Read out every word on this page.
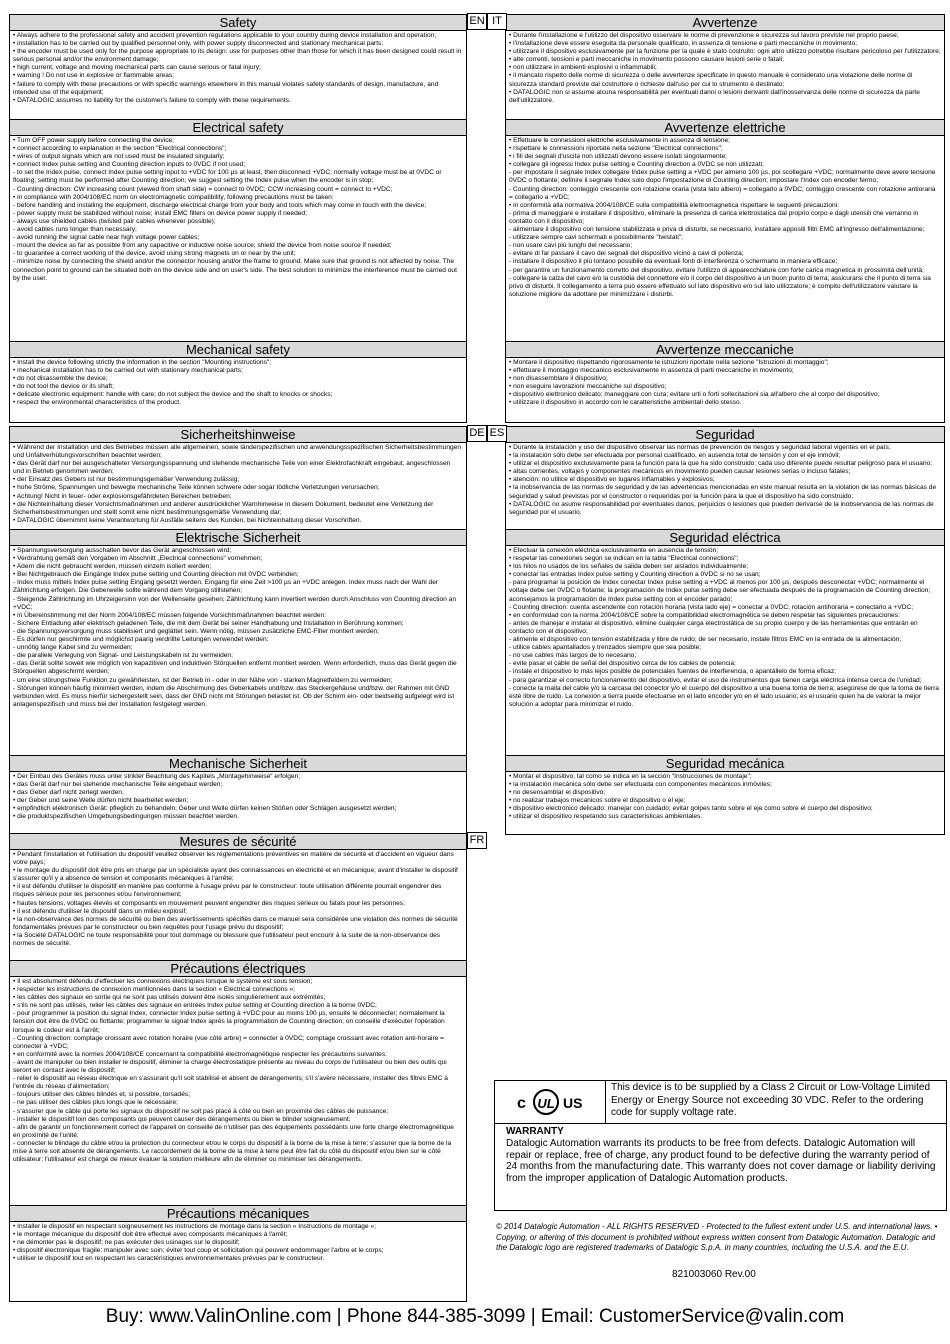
Safety

• Always adhere to the professional safety and accident prevention regulations applicable to your country during device installation and operation;

• installation has to be carried out by qualified personnel only, with power supply disconnected and stationary mechanical parts;

• the encoder must be used only for the purpose appropriate to its design: use for purposes other than those for which it has been designed could result in serious personal and/or the environment damage;

• high current, voltage and moving mechanical parts can cause serious or fatal injury;

• warning ! Do not use in explosive or flammable areas;

• failure to comply with these precautions or with specific warnings elsewhere in this manual violates safety standards of design, manufacture, and intended use of the equipment;

• DATALOGIC assumes no liability for the customer's failure to comply with these requirements.

Electrical safety

• Turn OFF power supply before connecting the device;

• connect according to explanation in the section "Electrical connections";

• wires of output signals which are not used must be insulated singularly;

• connect Index pulse setting and Counting direction inputs to 0VDC if not used;

- to set the Index pulse, connect Index pulse setting input to +VDC for 100 µs at least, then disconnect +VDC; normally voltage must be at 0VDC or floating; setting must be performed after Counting direction; we suggest setting the Index pulse when the encoder is in stop;

- Counting direction: CW increasing count (viewed from shaft side) = connect to 0VDC; CCW increasing count = connect to +VDC;

• in compliance with 2004/108/EC norm on electromagnetic compatibility, following precautions must be taken:

- before handling and installing the equipment, discharge electrical charge from your body and tools which may come in touch with the device;

- power supply must be stabilized without noise; install EMC filters on device power supply if needed;

- always use shielded cables (twisted pair cables whenever possible);

- avoid cables runs longer than necessary;

- avoid running the signal cable near high voltage power cables;

- mount the device as far as possible from any capacitive or inductive noise source; shield the device from noise source if needed;

- to guarantee a correct working of the device, avoid using strong magnets on or near by the unit;

- minimize noise by connecting the shield and/or the connector housing and/or the frame to ground. Make sure that ground is not affected by noise. The connection point to ground can be situated both on the device side and on user's side. The best solution to minimize the interference must be carried out by the user.

Mechanical safety

• Install the device following strictly the information in the section "Mounting instructions";

• mechanical installation has to be carried out with stationary mechanical parts;

• do not disassemble the device;

• do not tool the device or its shaft;

• delicate electronic equipment: handle with care; do not subject the device and the shaft to knocks or shocks;

• respect the environmental characteristics of the product.

EN	Avvertenze

• Durante l'installazione e l'utilizzo del dispositivo osservare le norme di prevenzione e sicurezza sul lavoro previste nel proprio paese;

• l'installazione deve essere eseguita da personale qualificato, in assenza di tensione e parti meccaniche in movimento;

• utilizzare il dispositivo esclusivamente per la funzione per la quale è stato costruito: ogni altro utilizzo potrebbe risultare pericoloso per l'utilizzatore;

• alte correnti, tensioni e parti meccaniche in movimento possono causare lesioni serie o fatali;

• non utilizzare in ambienti esplosivi o infiammabili;

• il mancato rispetto delle norme di sicurezza o delle avvertenze specificate in questo manuale è considerato una violazione delle norme di sicurezza standard previste dal costruttore o richieste dall'uso per cui lo strumento è destinato;

• DATALOGIC non si assume alcuna responsabilità per eventuali danni o lesioni derivanti dall'inosservanza delle norme di sicurezza da parte dell'utilizzatore.

Avvertenze elettriche

• Effettuare le connessioni elettriche esclusivamente in assenza di tensione;

• rispettare le connessioni riportate nella sezione "Electrical connections";

• i fili dei segnali d'uscita non utilizzati devono essere isolati singolarmente;

• collegare gli ingressi Index pulse setting e Counting direction a 0VDC se non utilizzati;

- per impostare il segnale Index collegare Index pulse setting a +VDC per almeno 100 µs, poi scollegare +VDC; normalmente deve avere tensione 0VDC o flottante; definire il segnale Index solo dopo l'impostazione di Counting direction; impostare l'Index con encoder fermo;

- Counting direction: conteggio crescente con rotazione oraria (vista lato albero) = collegarlo a 0VDC; conteggio crescente con rotazione antioraria = collegarlo a +VDC;

• in conformità alla normativa 2004/108/CE sulla compatibilità elettromagnetica rispettare le seguenti precauzioni:

- prima di maneggiare e installare il dispositivo, eliminare la presenza di carica elettrostatica dal proprio corpo e dagli utensili che verranno in contatto con il dispositivo;

- alimentare il dispositivo con tensione stabilizzata e priva di disturbi, se necessario, installare appositi filtri EMC all'ingresso dell'alimentazione;

- utilizzare sempre cavi schermati e possibilmente "twistati";

- non usare cavi più lunghi del necessario;

- evitare di far passare il cavo dei segnali del dispositivo vicino a cavi di potenza;

- installare il dispositivo il più lontano possibile da eventuali fonti di interferenza o schermarlo in maniera efficace;

- per garantire un funzionamento corretto del dispositivo, evitare l'utilizzo di apparecchiature con forte carica magnetica in prossimità dell'unità;

- collegare la calza del cavo e/o la custodia del connettore e/o il corpo del dispositivo a un buon punto di terra; assicurarsi che il punto di terra sia privo di disturbi. Il collegamento a terra può essere effettuato sul lato dispositivo e/o sul lato utilizzatore; è compito dell'utilizzatore valutare la soluzione migliore da adottare per minimizzare i disturbi.

Avvertenze meccaniche

• Montare il dispositivo rispettando rigorosamente le istruzioni riportate nella sezione "Istruzioni di montaggio";

• effettuare il montaggio meccanico esclusivamente in assenza di parti meccaniche in movimento;

• non disassemblare il dispositivo;

• non eseguire lavorazioni meccaniche sul dispositivo;

• dispositivo elettronico delicato: maneggiare con cura; evitare urti o forti sollecitazioni sia all'albero che al corpo del dispositivo;

• utilizzare il dispositivo in accordo con le caratteristiche ambientali dello stesso.

IT
Sicherheitshinweise

• Während der Installation und des Betriebes müssen alle allgemeinen, sowie länderspezifischen und anwendungsspezifischen Sicherheitsbestimmungen und Unfallverhütungsvorschriften beachtet werden;

• das Gerät darf nur bei ausgeschalteter Versorgungsspannung und stehende mechanische Teile von einer Elektrofachkraft eingebaut, angeschlossen und in Betrieb genommen werden;

• der Einsatz des Gebers ist nur bestimmungsgemäßer Verwendung zulässig;

• hohe Ströme, Spannungen und bewegte mechanische Teile können schwere oder sogar tödliche Verletzungen verursachen;

• Achtung! Nicht in feuer- oder explosionsgefährdeten Bereichen betreiben;

• die Nichteinhaltung dieser Vorsichtsmaßnahmen und anderer ausdrücklicher Warnhinweise in diesem Dokument, bedeutet eine Verletzung der Sicherheitsbestimmungen und stellt somit eine nicht bestimmungsgemäße Verwendung dar;

• DATALOGIC übernimmt keine Verantwortung für Ausfälle seitens des Kunden, bei Nichteinhaltung dieser Vorschriften.

Elektrische Sicherheit

• Spannungsversorgung ausschalten bevor das Gerät angeschlossen wird;

• Verdrahtung gemäß den Vorgaben im Abschnitt „Electrical connections“ vornehmen;

• Adern die nicht gebraucht werden, müssen einzeln isoliert werden;

• Bei Nichtgebrauch die Eingänge Index pulse setting und Counting direction mit 0VDC verbinden;

- Index muss mittels Index pulse setting Eingang gesetzt werden. Eingang für eine Zeit >100 µs an +VDC anlegen. Index muss nach der Wahl der Zählrichtung erfolgen. Die Geberwelle sollte während dem Vorgang stillstehen;

- Steigende Zählrichtung im Uhrzeigersinn von der Wellenseite gesehen; Zählrichtung kann invertiert werden durch Anschluss von Counting direction an +VDC;

• in Übereinstimmung mit der Norm 2004/108/EC müssen folgende Vorsichtsmaßnahmen beachtet werden:

- Sichere Entladung aller elektrisch geladenen Teile, die mit dem Gerät bei seiner Handhabung und Installation in Berührung kommen;

- die Spannungsversorgung muss stabilisiert und geglättet sein. Wenn nötig, müssen zusätzliche EMC-Filter montiert werden;

- Es dürfen nur geschirmte und möglichst paarig verdrillte Leitungen verwendet werden;

- unnötig lange Kabel sind zu vermeiden;

- die parallele Verlegung von Signal- und Leistungskabeln ist zu vermeiden;

- das Gerät sollte soweit wie möglich von kapazitiven und induktiven Störquellen entfernt montiert werden. Wenn erforderlich, muss das Gerät gegen die Störquellen abgeschirmt werden;

- um eine störungsfreie Funktion zu gewährleisten, ist der Betrieb in - oder in der Nähe von - starken Magnetfeldern zu vermeiden;

- Störungen können häufig minimiert werden, indem die Abschirmung des Geberkabels und/bzw. das Steckergehäuse und/bzw. der Rahmen mit GND verbunden wird. Es muss hierfür sichergestellt sein, dass der GND nicht mit Störungen belastet ist. Ob der Schirm ein- oder beidseitig aufgelegt wird ist anlagenspezifisch und muss bei der Installation festgelegt werden.

Mechanische Sicherheit

• Der Einbau des Gerätes muss unter strikter Beachtung des Kapitels „Montagehinweise“ erfolgen;

• das Gerät darf nur bei stehende mechanische Teile eingebaut werden;

• das Geber darf nicht zerlegt werden;

• der Geber und seine Welle dürfen nicht bearbeitet werden;

• empfindlich elektronisch Gerät: pfleglich zu behandeln; Geber und Welle dürfen keinen Stößen oder Schlägen ausgesetzt werden;

• die produktspezifischen Umgebungsbedingungen müssen beachtet werden.

DE	Seguridad

• Durante la instalación y uso del dispositivo observar las normas de prevención de riesgos y seguridad laboral vigentes en el país;

• la instalación sólo debe ser efectuada por personal cualificado, en ausencia total de tensión y con el eje inmóvil;

• utilizar el dispositivo exclusivamente para la función para la que ha sido construido: cada uso diferente puede resultar peligroso para el usuario;

• altas corrientes, voltajes y componentes mecánicos en movimiento pueden causar lesiones serias o incluso fatales;

• atención: no utilice el dispositivo en lugares inflamables y explosivos;

• la inobservancia de las normas de seguridad y de las advertencias mencionadas en este manual resulta en la violation de las normas básicas de seguridad y salud previstas por el constructor o requeridas por la función para la que el dispositivo ha sido construido;

• DATALOGIC no asume responsabilidad por eventuales danos, perjuicios o lesiones que pueden derivarse de la inobservancia de las normas de seguridad por el usuario.

Seguridad eléctrica

• Efectuar la conexión eléctrica exclusivamente en ausencia de tensión;

• respetar las conexiones según se indican en la tabla "Electrical connections";

• los hilos no usados de los señales de salida deben ser aislados individualmente;

• conectar las entradas Index pulse setting y Counting direction a 0VDC si no se usan;

- para programar la posición de Index conectar Index pulse setting a +VDC al menos por 100 µs, después desconectar +VDC; normalmente el voltaje debe ser 0VDC o flotante; la programación de Index pulse setting debe ser efectuada después de la programación de Counting direction; aconsejamos la programación de Index pulse setting con el encoder parado;

- Counting direction: cuenta ascendente con rotación horaria (vista lado eje) = conectar a 0VDC; rotación antihoraria = conectarlo a +VDC;

• en conformidad con la norma 2004/108/CE sobre la compatibilidad electromagnética se deben respetar las siguientes precauciones:

- antes de manejar e instalar el dispositivo, elimine cualquier carga electrostática de su propio cuerpo y de las herramientas que entrarán en contacto con el dispositivo;

- alimente el dispositivo con tensión estabilizada y libre de ruido; de ser necesario, instale filtros EMC en la entrada de la alimentación;

- utilice cables apantallados y trenzados siempre que sea posible;

- no use cables más largos de lo necesario;

- evite pasar el cable de señal del dispositivo cerca de los cables de potencia;

- instale el dispositivo lo más lejos posible de potenciales fuentes de interferencia, o apantállelo de forma eficaz;

- para garantizar el correcto funcionamiento del dispositivo, evitar el uso de instrumentos que tienen carga eléctrica intensa cerca de l'unidad;

- conecte la malla del cable y/o la carcasa del conector y/o el cuerpo del dispositivo a una buena toma de tierra; asegúrese de que la toma de tierra esté libre de ruido. La conexión a tierra puede efectuarse en el lado encoder y/o en el lado usuario, es el usuario quien ha de valorar la mejor solución a adoptar para minimizar el ruido.

Seguridad mecánica

• Montar el dispositivo, tal como se indica en la sección "Instrucciones de montaje";

• la instalación mecánica sólo debe ser efectuada con componentes mecánicos inmóviles;

• no desensamblar el dispositivo;

• no realizar trabajos mecanicos sobre el dispositivo o el eje;

• dispositivo electrónico delicado: manejar con cuidado; evitar golpes tanto sobre el eje como sobre el cuerpo del dispositivo;

• utilizar el dispositivo respetando sus características ambientales.

ES
Mesures de sécurité

• Pendant l'installation et l'utilisation du dispositif veuillez observer les réglementations préventives en matière de sécurité et d'accident en vigueur dans votre pays;

• le montage du dispositif doit être pris en charge par un spécialiste ayant des connaissances en électricité et en mécanique; avant d'installer le dispositif s'assurer qu'il y a absence de tension et composants mécaniques à l'arrête;

• il est défendu d'utiliser le dispositif en manière pas conforme à l'usage prévu par le constructeur: toute utilisation différente pourrait engendrer des risques sérieux pour les personnes et/ou l'environnement;

• hautes tensions, voltages élevés et composants en mouvement peuvent engendrer des risques sérieux ou fatals pour les personnes;

• il est défendu d'utiliser le dispositif dans un milieu explosif;

• la non-observance des normes de sécurité ou bien des avertissements spécifiés dans ce manuel sera considérée une violation des normes de sécurité fondamentales prévues par le constructeur ou bien requêtes pour l'usage prévu du dispositif;

• la Société DATALOGIC ne toute responsabilité pour tout dommage ou blessure que l'utilisateur peut encourir à la suite de la non-observance des normes de sécurité.

Précautions électriques

• Il est absolument défendu d'effectuer les connexions électriques lorsque le système est sous tension;

• respecter les instructions de connexion mentionnées dans la section « Electrical connections »;

• les câbles des signaux en sortie qui ne sont pas utilisés doivent être isolés singulièrement aux extrémités;

• s'ils ne sont pas utilisés, relier les câbles des signaux en entrées Index pulse setting et Counting direction à la borne 0VDC;

- pour programmer la position du signal Index, connecter Index pulse setting à +VDC pour au moins 100 µs, ensuite le déconnecter; normalement la tension doit être de 0VDC ou flottante; programmer le signal Index après la programmation de Counting direction; on conseille d'exécuter l'opération lorsque le codeur est à l'arrêt;

- Counting direction: comptage croissant avec rotation horaire (vue côté arbre) = connecter à 0VDC; comptage croissant avec rotation anti-horaire = connecter à +VDC;

• en conformité avec la normes 2004/108/CE concernant la compatibilité électromagnétique respecter les précautions suivantes:

- avant de manipuler ou bien installer le dispositif, éliminer la charge électrostatique présente au niveau du corps de l'utilisateur ou bien des outils qui seront en contact avec le dispositif;

- relier le dispositif au réseau électrique en s'assurant qu'il soit stabilisé et absent de dérangements; s'il s'avère nécessaire, installer des filtres EMC à l'entrée du réseau d'alimentation;

- toujours utiliser des câbles blindés et, si possible, torsadés;

- ne pas utiliser des câbles plus longs que le nécessaire;

- s'assurer que le câble qui porte les signaux du dispositif ne soit pas placé à côté ou bien en proximité des câbles de puissance;

- installer le dispositif loin des composants qui peuvent causer des dérangements ou bien le blinder soigneusement;

- afin de garantir un fonctionnement correct de l'appareil on conseille de n'utiliser pas des équipements possédants une forte charge électromagnétique en proximité de l'unité;

- connecter le blindage du câble et/ou la protection du connecteur et/ou le corps du dispositif à la borne de la mise à terre; s'assurer que la borne de la mise à terre soit absente de dérangements. Le raccordement de la borne de la mise à terre peut être fait du côté du dispositif et/ou bien sur le côté utilisateur; l'utilisateur est chargé de mieux évaluer la solution meilleure afin de éliminer ou minimiser les dérangements.

Précautions mécaniques

• Installer le dispositif en respectant soigneusement les instructions de montage dans la section « Instructions de montage »;

• le montage mécanique du dispositif doit être effectué avec composants mécaniques à l'arrêt;

• ne démonter pas le dispositif; ne pas exécuter des usinages sur le dispositif;

• dispositif électronique fragile: manipuler avec soin; éviter tout coup et sollicitation qui peuvent endommager l'arbre et le corps;

• utiliser le dispositif tout en respectant les caractéristiques environnementales prévues par le constructeur.

FR
c UL US
This device is to be supplied by a Class 2 Circuit or Low-Voltage Limited Energy or Energy Source not exceeding 30 VDC. Refer to the ordering code for supply voltage rate.
WARRANTY
Datalogic Automation warrants its products to be free from defects. Datalogic Automation will repair or replace, free of charge, any product found to be defective during the warranty period of 24 months from the manufacturing date. This warranty does not cover damage or liability deriving from the improper application of Datalogic Automation products.
© 2014 Datalogic Automation - ALL RIGHTS RESERVED - Protected to the fullest extent under U.S. and international laws. • Copying, or altering of this document is prohibited without express written consent from Datalogic Automation. Datalogic and the Datalogic logo are registered trademarks of Datalogic S.p.A. in many countries, including the U.S.A. and the E.U.
821003060 Rev.00
Buy: www.ValinOnline.com | Phone 844-385-3099 | Email: CustomerService@valin.com
